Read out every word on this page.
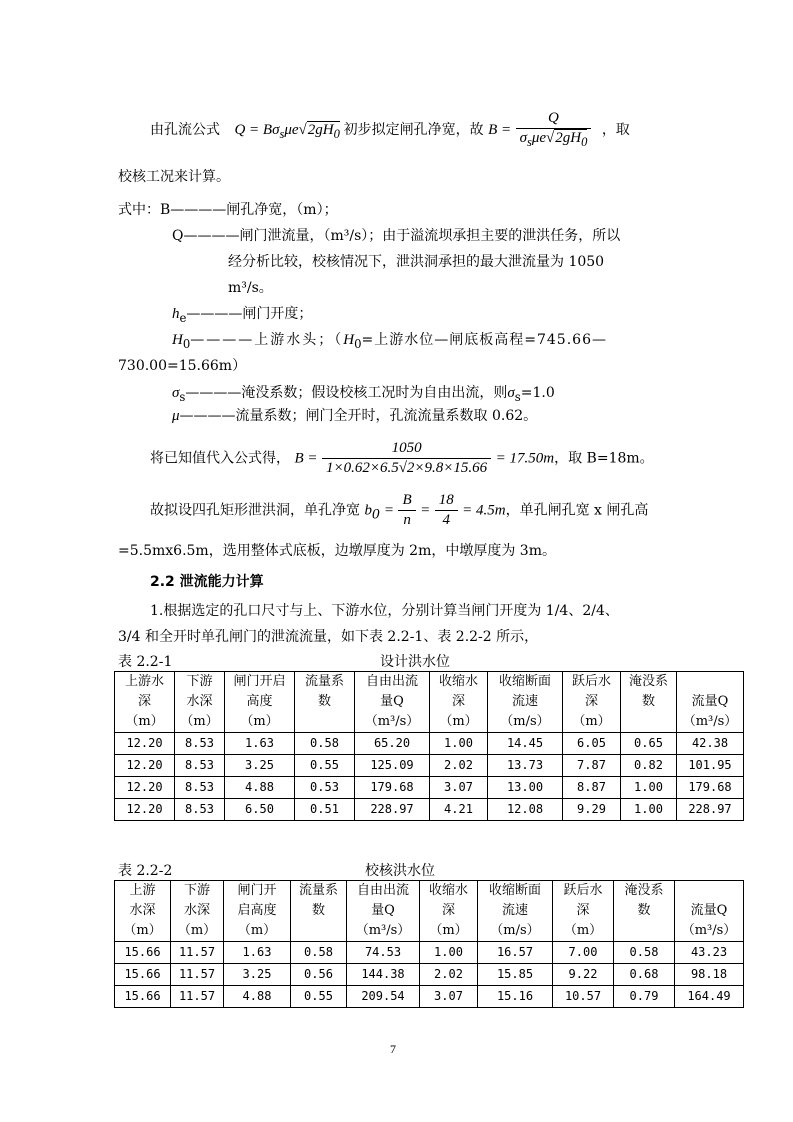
由孔流公式 $Q = B\sigma_s\mu e√2gH_0$ 初步拟定闸孔净宽，故 $B = \frac{Q}{\sigma_s\mu e√2gH_0}$ ，取
校核工况来计算。
式中：B————闸孔净宽，（m）；
Q————闸门泄流量，（m³/s）；由于溢流坝承担主要的泄洪任务，所以
经分析比较，校核情况下，泄洪洞承担的最大泄流量为 1050
m³/s。
$h_e————$闸门开度；
$H_0————$上游水头；（$H_0=$上游水位—闸底板高程=745.66—
730.00=15.66m）
$\sigma_s————$淹没系数；假设校核工况时为自由出流，则$\sigma_s=1.0$
μ————流量系数；闸门全开时，孔流流量系数取 0.62。
将已知值代入公式得， $B = \frac{1050}{1\times 0.62\times 6.5√2\times 9.8\times 15.66} = 17.50m$，取 B=18m。
故拟设四孔矩形泄洪洞，单孔净宽 $b_0 = \frac{B}{n} = \frac{18}{4} = 4.5m$，单孔闸孔宽 x 闸孔高
=5.5mx6.5m，选用整体式底板，边墩厚度为 2m，中墩厚度为 3m。
2.2 泄流能力计算
1.根据选定的孔口尺寸与上、下游水位，分别计算当闸门开度为 1/4、2/4、
3/4 和全开时单孔闸门的泄流流量，如下表 2.2-1、表 2.2-2 所示，
表 2.2-1	设计洪水位
上游水
深
（m）	下游
水深
（m）	闸门开启
高度
（m）	流量系
数	自由出流
量Q
（m³/s）	收缩水
深
（m）	收缩断面
流速
（m/s）	跃后水
深
（m）	淹没系
数	流量Q
（m³/s）

12.20	8.53	1.63	0.58	65.20	1.00	14.45	6.05	0.65	42.38
12.20	8.53	3.25	0.55	125.09	2.02	13.73	7.87	0.82	101.95
12.20	8.53	4.88	0.53	179.68	3.07	13.00	8.87	1.00	179.68
12.20	8.53	6.50	0.51	228.97	4.21	12.08	9.29	1.00	228.97
表 2.2-2	校核洪水位
上游
水深
（m）	下游
水深
（m）	闸门开
启高度
（m）	流量系
数	自由出流
量Q
（m³/s）	收缩水
深
（m）	收缩断面
流速
（m/s）	跃后水
深
（m）	淹没系
数	流量Q
（m³/s）

15.66	11.57	1.63	0.58	74.53	1.00	16.57	7.00	0.58	43.23
15.66	11.57	3.25	0.56	144.38	2.02	15.85	9.22	0.68	98.18
15.66	11.57	4.88	0.55	209.54	3.07	15.16	10.57	0.79	164.49
7
